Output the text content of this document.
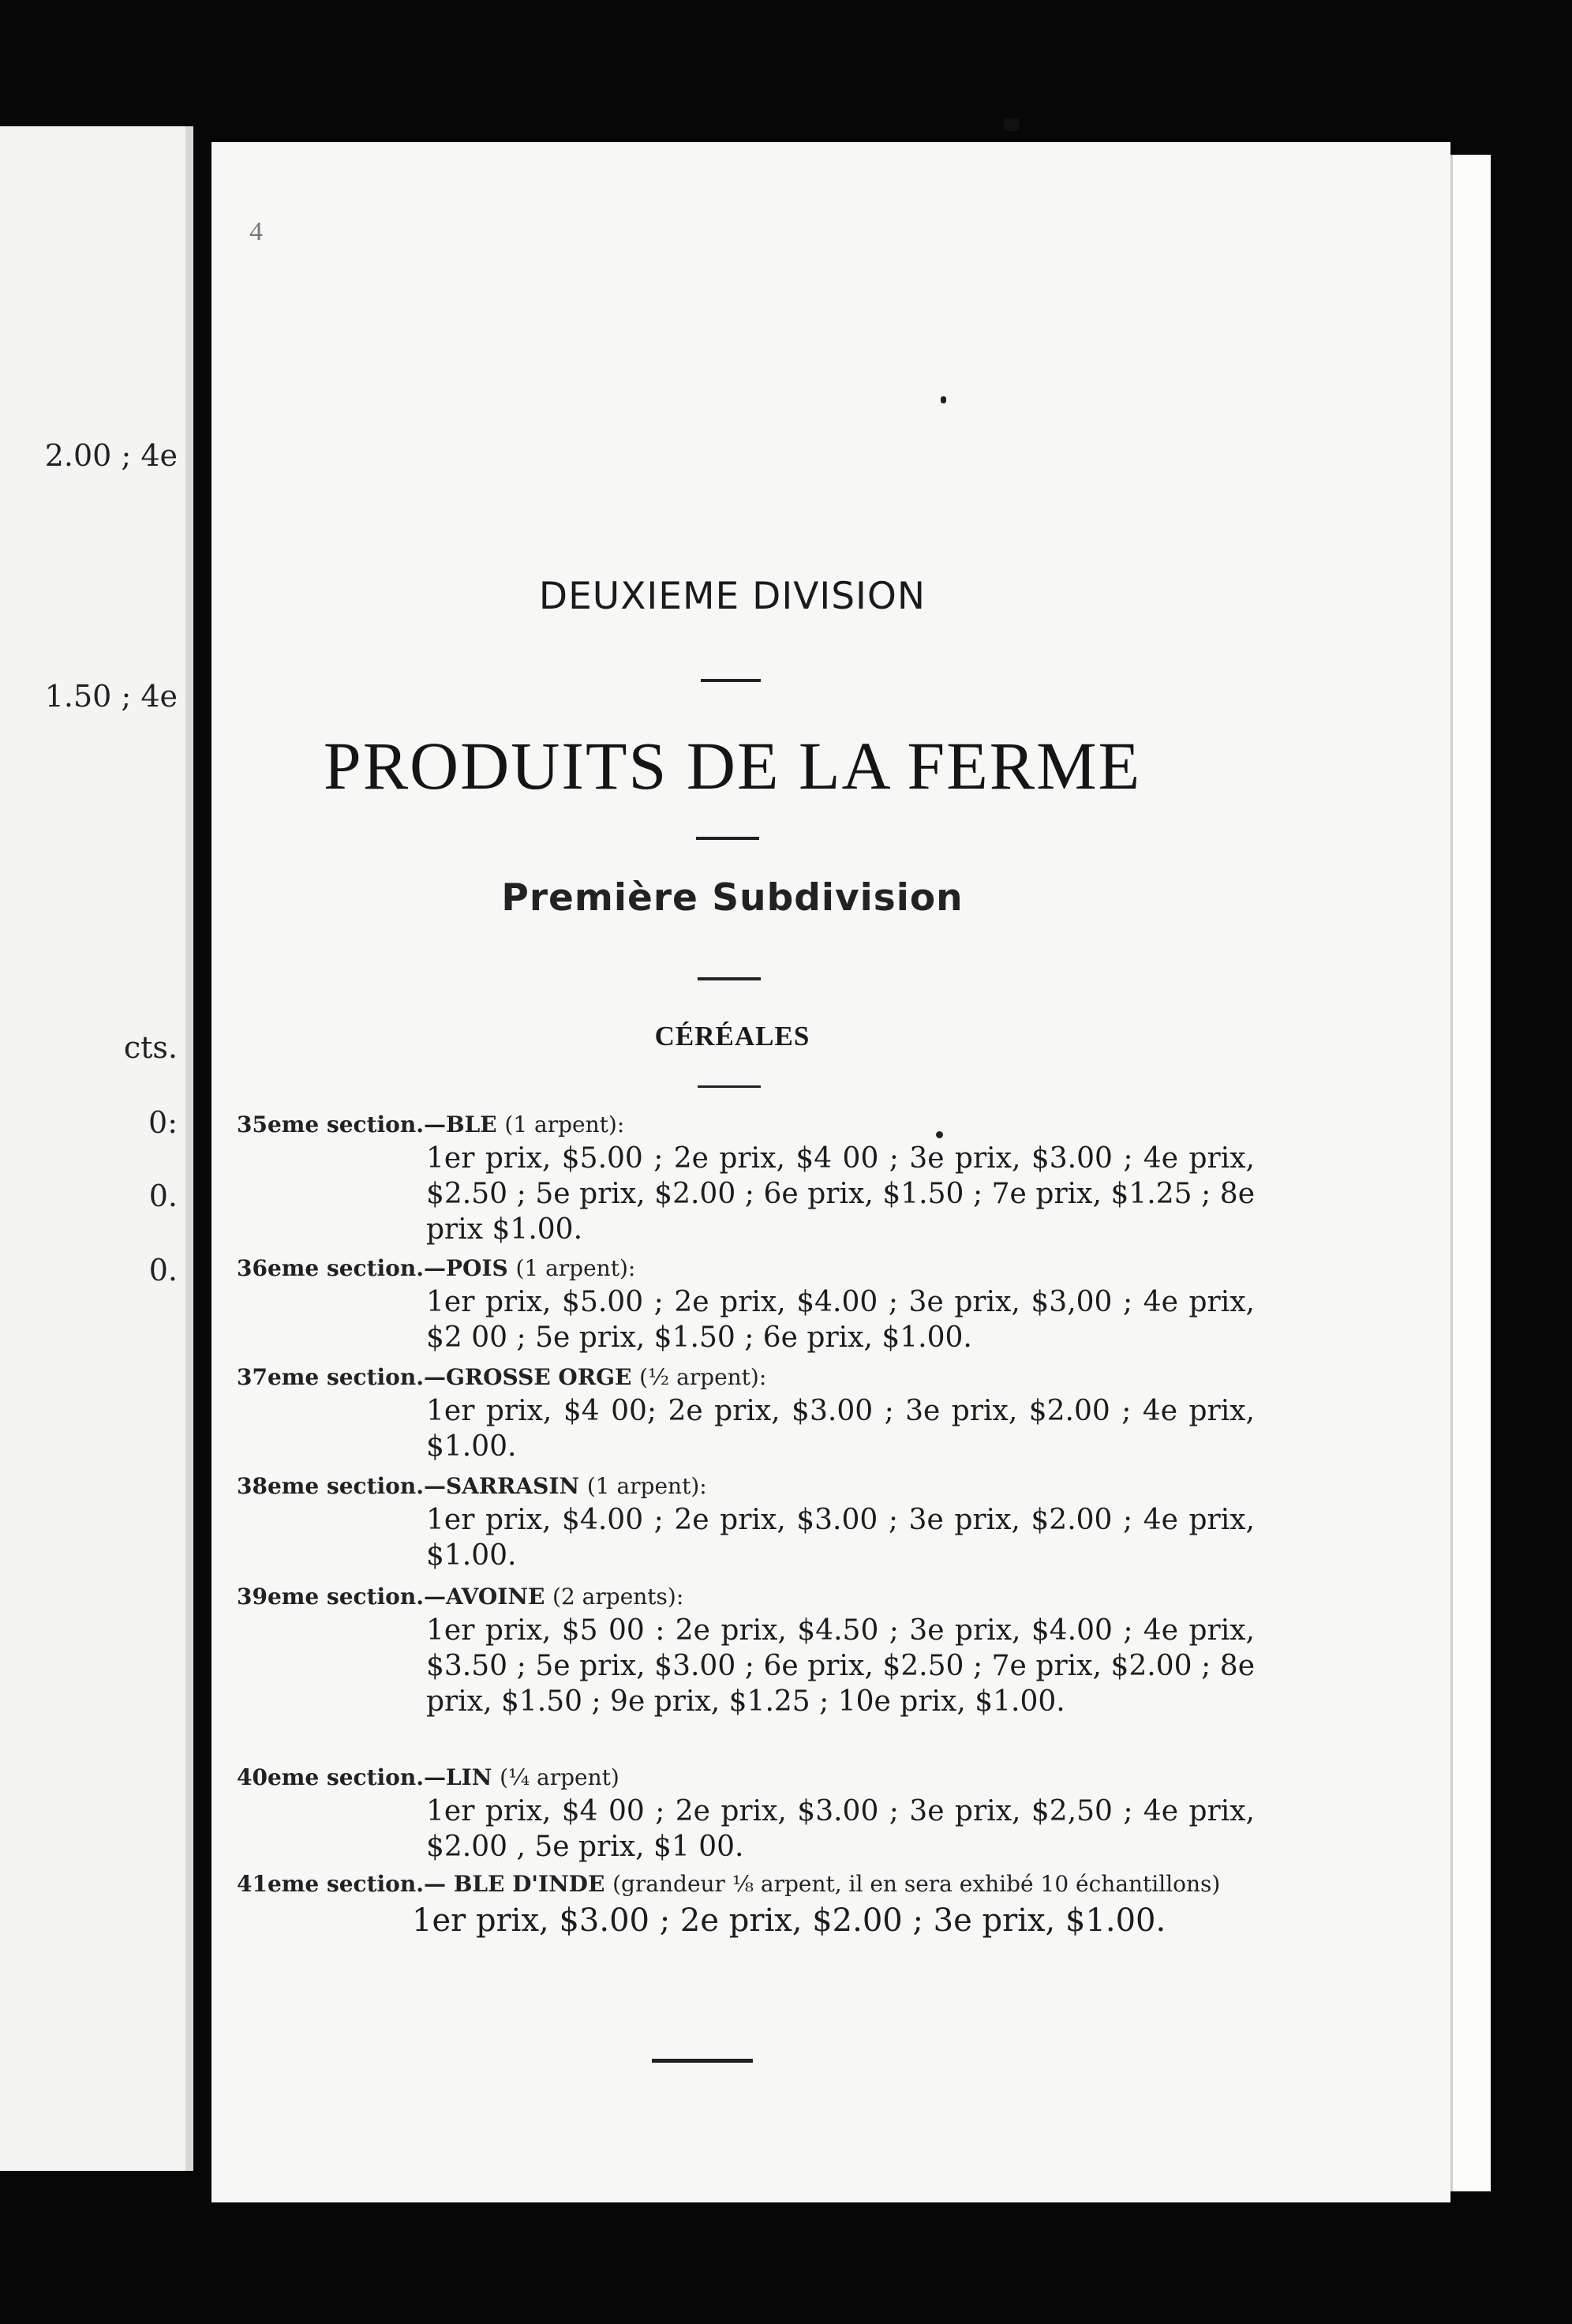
2.00 ; 4e
1.50 ; 4e
cts.
0:
0.
0.
4
DEUXIEME DIVISION
PRODUITS DE LA FERME
Première Subdivision
CÉRÉALES
35eme section.—BLE (1 arpent):
1er prix, $5.00 ; 2e prix, $4 00 ; 3e prix, $3.00 ; 4e prix, $2.50 ; 5e prix, $2.00 ; 6e prix, $1.50 ; 7e prix, $1.25 ; 8e prix $1.00.
36eme section.—POIS (1 arpent):
1er prix, $5.00 ; 2e prix, $4.00 ; 3e prix, $3,00 ; 4e prix, $2 00 ; 5e prix, $1.50 ; 6e prix, $1.00.
37eme section.—GROSSE ORGE (½ arpent):
1er prix, $4 00; 2e prix, $3.00 ; 3e prix, $2.00 ; 4e prix, $1.00.
38eme section.—SARRASIN (1 arpent):
1er prix, $4.00 ; 2e prix, $3.00 ; 3e prix, $2.00 ; 4e prix, $1.00.
39eme section.—AVOINE (2 arpents):
1er prix, $5 00 : 2e prix, $4.50 ; 3e prix, $4.00 ; 4e prix, $3.50 ; 5e prix, $3.00 ; 6e prix, $2.50 ; 7e prix, $2.00 ; 8e prix, $1.50 ; 9e prix, $1.25 ; 10e prix, $1.00.
40eme section.—LIN (¼ arpent)
1er prix, $4 00 ; 2e prix, $3.00 ; 3e prix, $2,50 ; 4e prix, $2.00 , 5e prix, $1 00.
41eme section.— BLE D'INDE (grandeur ⅛ arpent, il en sera exhibé 10 échantillons)
1er prix, $3.00 ; 2e prix, $2.00 ; 3e prix, $1.00.
